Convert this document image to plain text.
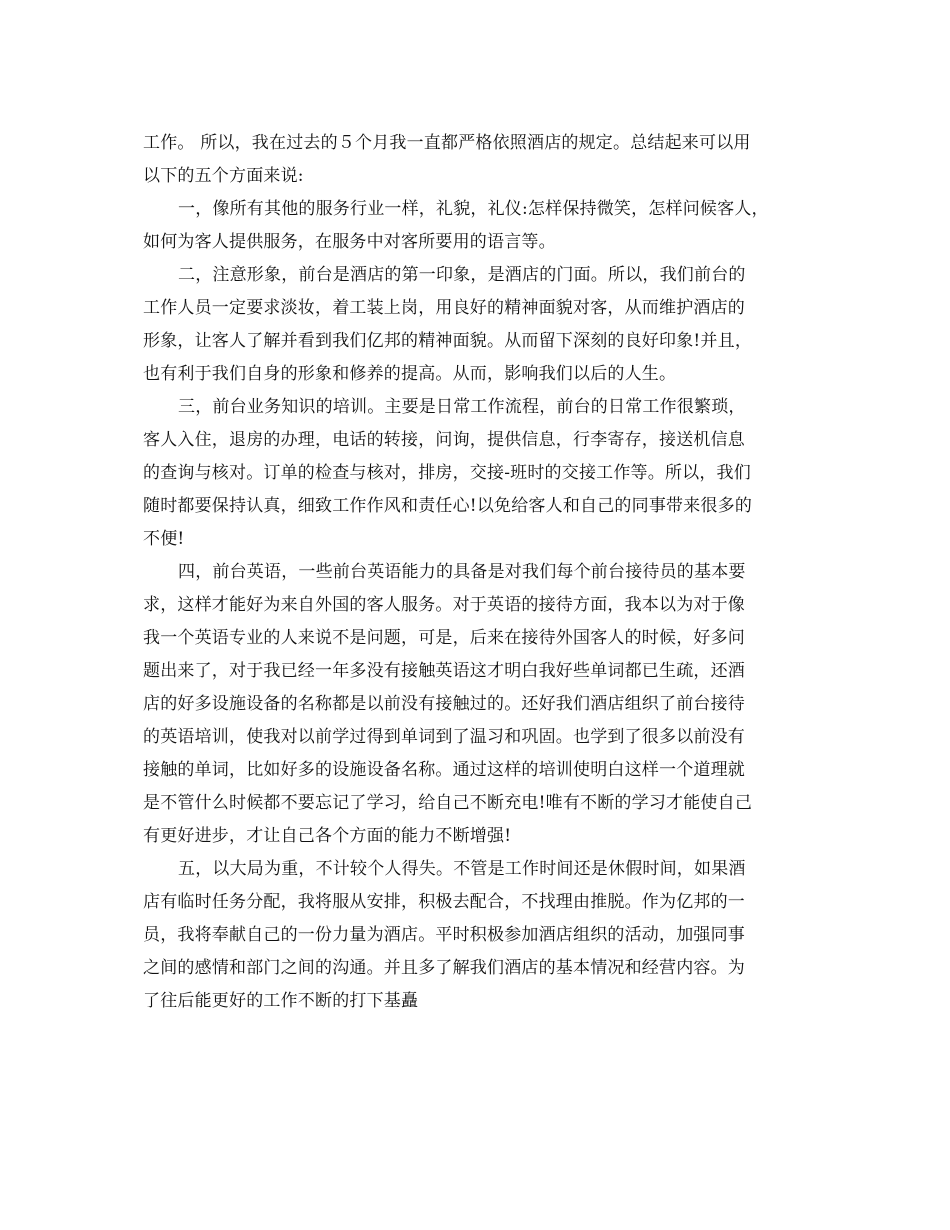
工作。 所以，我在过去的５个月我一直都严格依照酒店的规定。总结起来可以用
以下的五个方面来说:
一，像所有其他的服务行业一样，礼貌，礼仪:怎样保持微笑，怎样问候客人，
如何为客人提供服务，在服务中对客所要用的语言等。
二，注意形象，前台是酒店的第一印象，是酒店的门面。所以，我们前台的
工作人员一定要求淡妆，着工装上岗，用良好的精神面貌对客，从而维护酒店的
形象，让客人了解并看到我们亿邦的精神面貌。从而留下深刻的良好印象!并且，
也有利于我们自身的形象和修养的提高。从而，影响我们以后的人生。
三，前台业务知识的培训。主要是日常工作流程，前台的日常工作很繁琐，
客人入住，退房的办理，电话的转接，问询，提供信息，行李寄存，接送机信息
的查询与核对。订单的检查与核对，排房，交接-班时的交接工作等。所以，我们
随时都要保持认真，细致工作作风和责任心!以免给客人和自己的同事带来很多的
不便!
四，前台英语，一些前台英语能力的具备是对我们每个前台接待员的基本要
求，这样才能好为来自外国的客人服务。对于英语的接待方面，我本以为对于像
我一个英语专业的人来说不是问题，可是，后来在接待外国客人的时候，好多问
题出来了，对于我已经一年多没有接触英语这才明白我好些单词都已生疏，还酒
店的好多设施设备的名称都是以前没有接触过的。还好我们酒店组织了前台接待
的英语培训，使我对以前学过得到单词到了温习和巩固。也学到了很多以前没有
接触的单词，比如好多的设施设备名称。通过这样的培训使明白这样一个道理就
是不管什么时候都不要忘记了学习，给自己不断充电!唯有不断的学习才能使自己
有更好进步，才让自己各个方面的能力不断增强!
五，以大局为重，不计较个人得失。不管是工作时间还是休假时间，如果酒
店有临时任务分配，我将服从安排，积极去配合，不找理由推脱。作为亿邦的一
员，我将奉献自己的一份力量为酒店。平时积极参加酒店组织的活动，加强同事
之间的感情和部门之间的沟通。并且多了解我们酒店的基本情况和经营内容。为
了往后能更好的工作不断的打下基矗
